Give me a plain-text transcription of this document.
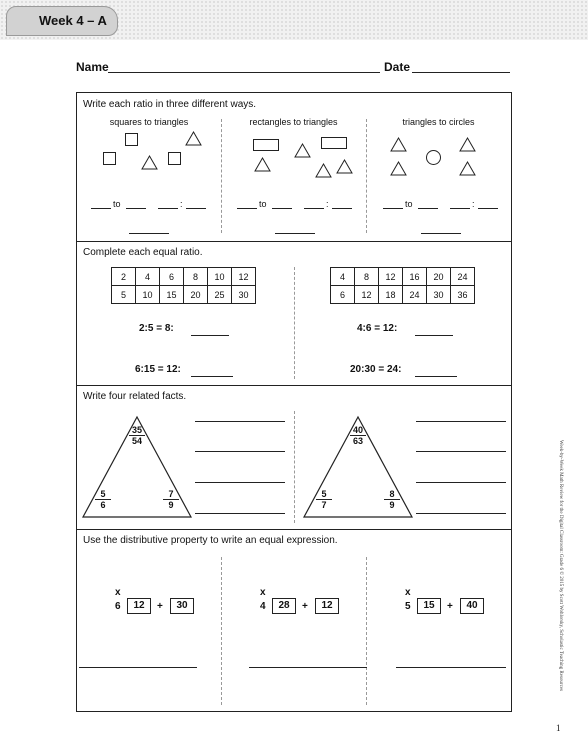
Week 4 – A
Name	Date
Write each ratio in three different ways.
squares to triangles
to	:
rectangles to triangles
to	:
triangles to circles
to	:
Complete each equal ratio.
2	4	6	8	10	12
5	10	15	20	25	30
2:5 = 8:
6:15 = 12:
4	8	12	16	20	24
6	12	18	24	30	36
4:6 = 12:
20:30 = 24:
Write four related facts.
$\frac{35}{54}$
$\frac{5}{6}$	$\frac{7}{9}$
$\frac{40}{63}$
$\frac{5}{7}$	$\frac{8}{9}$
Use the distributive property to write an equal expression.
x
6	12	+	30
x
4	28	+	12
x
5	15	+	40	Week-by-Week Math Review for the Digital Classroom: Grade 6 © 2015 by Scott Wohlorsky, Scholastic Teaching Resources
1
